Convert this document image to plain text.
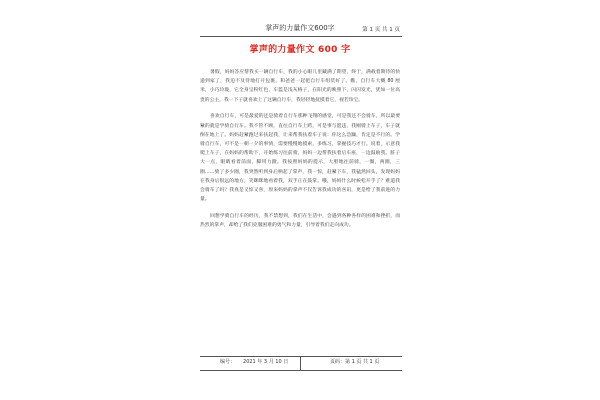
掌声的力量作文600字	第 1 页 共 1 页
掌声的力量作文 600 字

暑假，妈妈答应帮我买一辆自行车，我的小心眼儿里藏满了期望，终于，满载着期待的快递到家了，我迫不及待地打开包裹，和爸爸一起把自行车组装好了。瞧，自行车大概 80 厘米，小巧玲珑，它全身呈粉红色，车篮是浅灰格子，在阳光的映照下，闪闪发光，犹如一位高贵的公主，我一下子就喜欢上了这辆自行车，我轻轻地抚摸着它，视若珍宝。

喜欢自行车，可是最爱的还是骑着自行车那种飞翔的感觉，可是我还不会骑车，所以最要紧的就是学骑自行车。我不管不顾，直往自行车上跨，可是事与愿违，我刚骑上车子，车子就倒在地上了。妈妈赶紧跑过来扶起我，让来帮我扶着车子说：你这么急躁，肯定是不行的。学骑自行车，可不是一朝一夕的事情，需要慢慢地摸索，多练习，掌握技巧才行。说着，示意我爬上车子，在妈妈的帮助下，开始练习往前骑，妈妈一边帮我扶着后车座，一边鼓励我。脏子大一点，眼睛看着前面，脚用力蹬。我按照妈妈的提示，大胆地往前骑，一圈，两圈，三圈……骑了多少圈，我突然听到身后响起了掌声，我一惊，赶紧下车，我猛然回头，发现妈妈在我身后很远的地方，笑眯眯地看着我，双手正在鼓掌。哦，妈妈什么时候松开手了？难道我会骑车了吗？我真是又惊又喜，原来妈妈的掌声不仅告诉我成功的喜讯，更是给了我前进的力量。

回想学骑自行车的经历，我不禁想到，我们在生活中，会遇到各种各样的困难和挫折，而热烈的掌声，却给了我们克服困难的勇气和力量，引导着我们走向成功。

编号： 2021 年 3 月 10 日	页码：第 1 页 共 1 页
